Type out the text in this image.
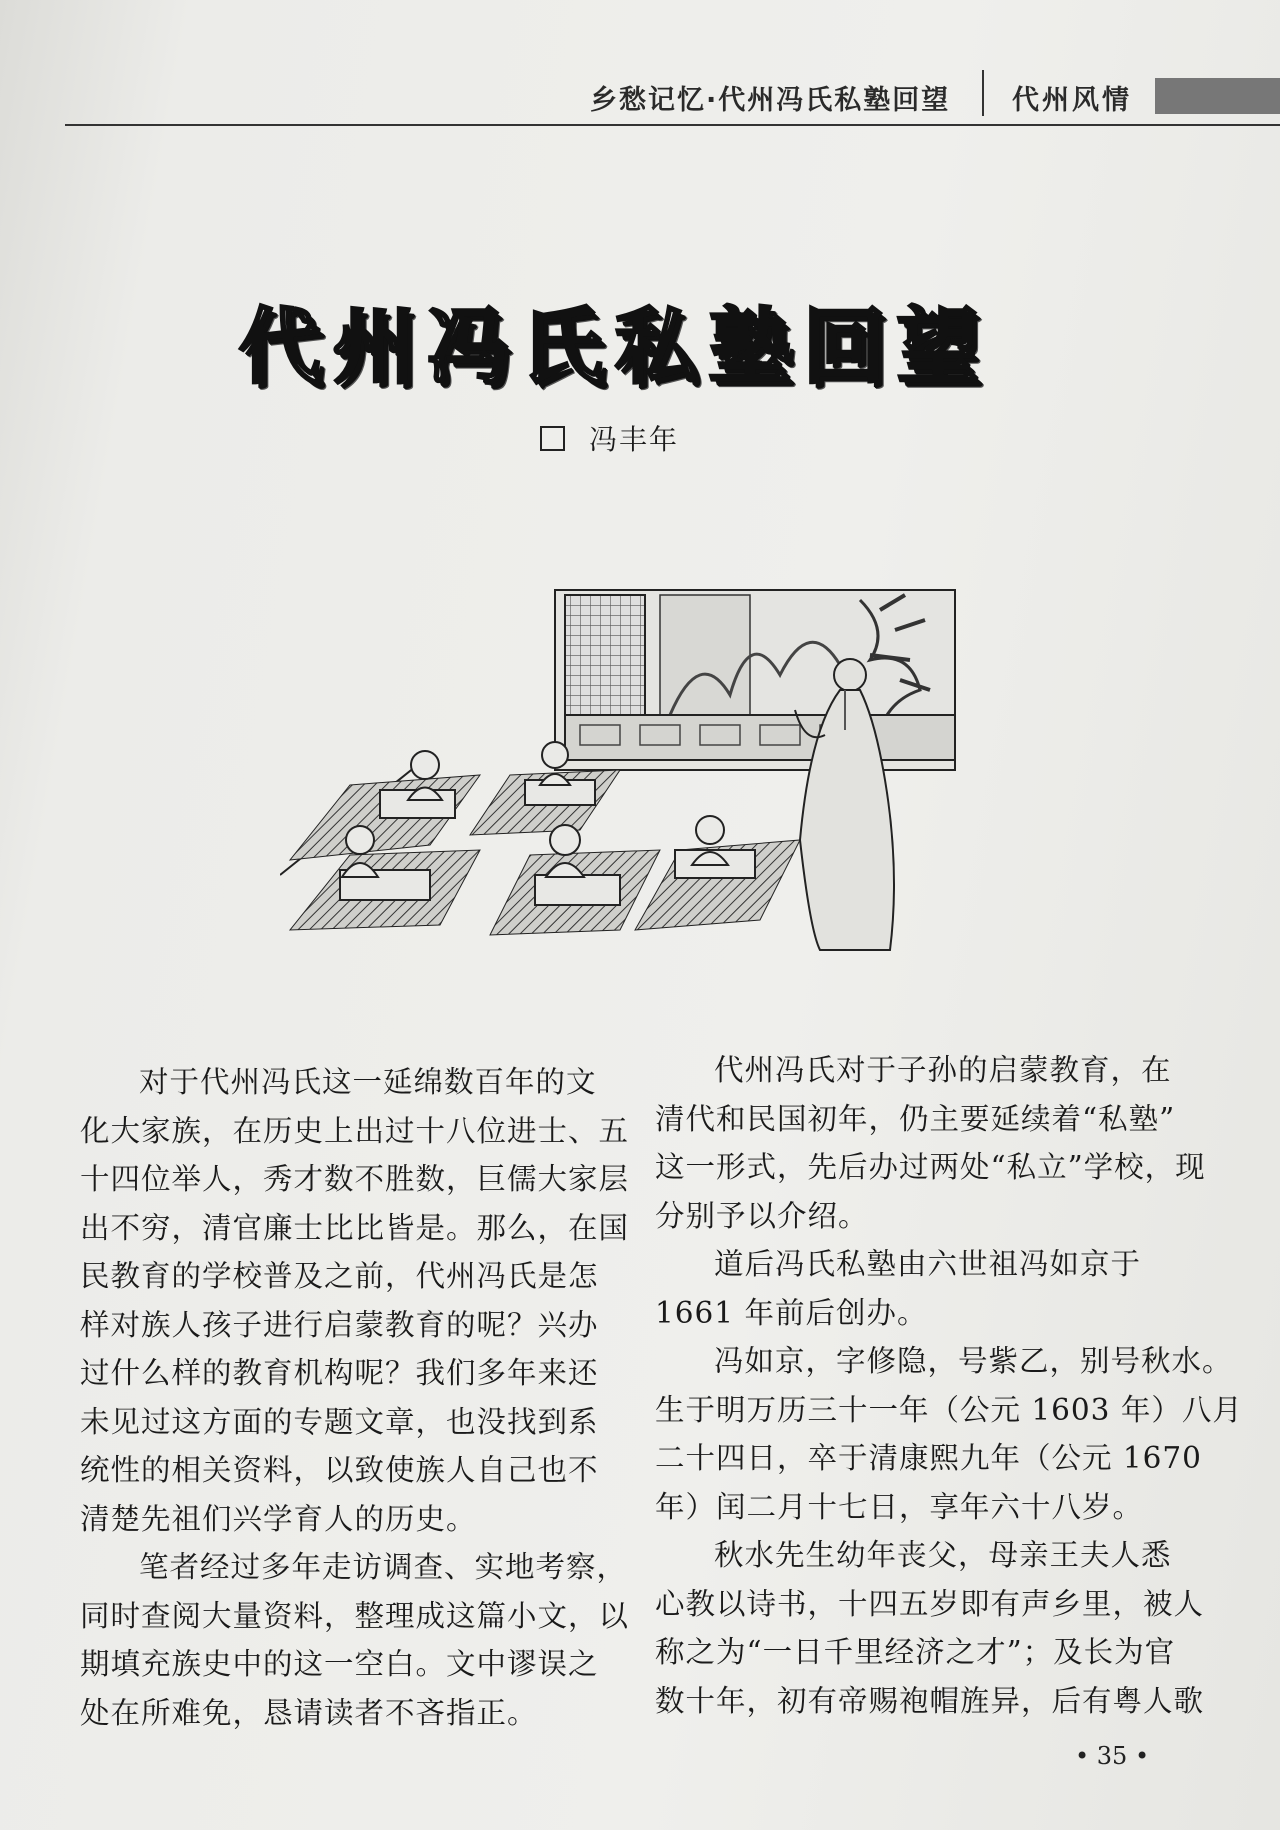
乡愁记忆·代州冯氏私塾回望 代州风情
代州冯氏私塾回望
冯丰年
对于代州冯氏这一延绵数百年的文
化大家族，在历史上出过十八位进士、五
十四位举人，秀才数不胜数，巨儒大家层
出不穷，清官廉士比比皆是。那么，在国
民教育的学校普及之前，代州冯氏是怎
样对族人孩子进行启蒙教育的呢？兴办
过什么样的教育机构呢？我们多年来还
未见过这方面的专题文章，也没找到系
统性的相关资料，以致使族人自己也不
清楚先祖们兴学育人的历史。
笔者经过多年走访调查、实地考察，
同时查阅大量资料，整理成这篇小文，以
期填充族史中的这一空白。文中谬误之
处在所难免，恳请读者不吝指正。
代州冯氏对于子孙的启蒙教育，在
清代和民国初年，仍主要延续着“私塾”
这一形式，先后办过两处“私立”学校，现
分别予以介绍。
道后冯氏私塾由六世祖冯如京于
1661 年前后创办。
冯如京，字修隐，号紫乙，别号秋水。
生于明万历三十一年（公元 1603 年）八月
二十四日，卒于清康熙九年（公元 1670
年）闰二月十七日，享年六十八岁。
秋水先生幼年丧父，母亲王夫人悉
心教以诗书，十四五岁即有声乡里，被人
称之为“一日千里经济之才”；及长为官
数十年，初有帝赐袍帽旌异，后有粤人歌
• 35 •
